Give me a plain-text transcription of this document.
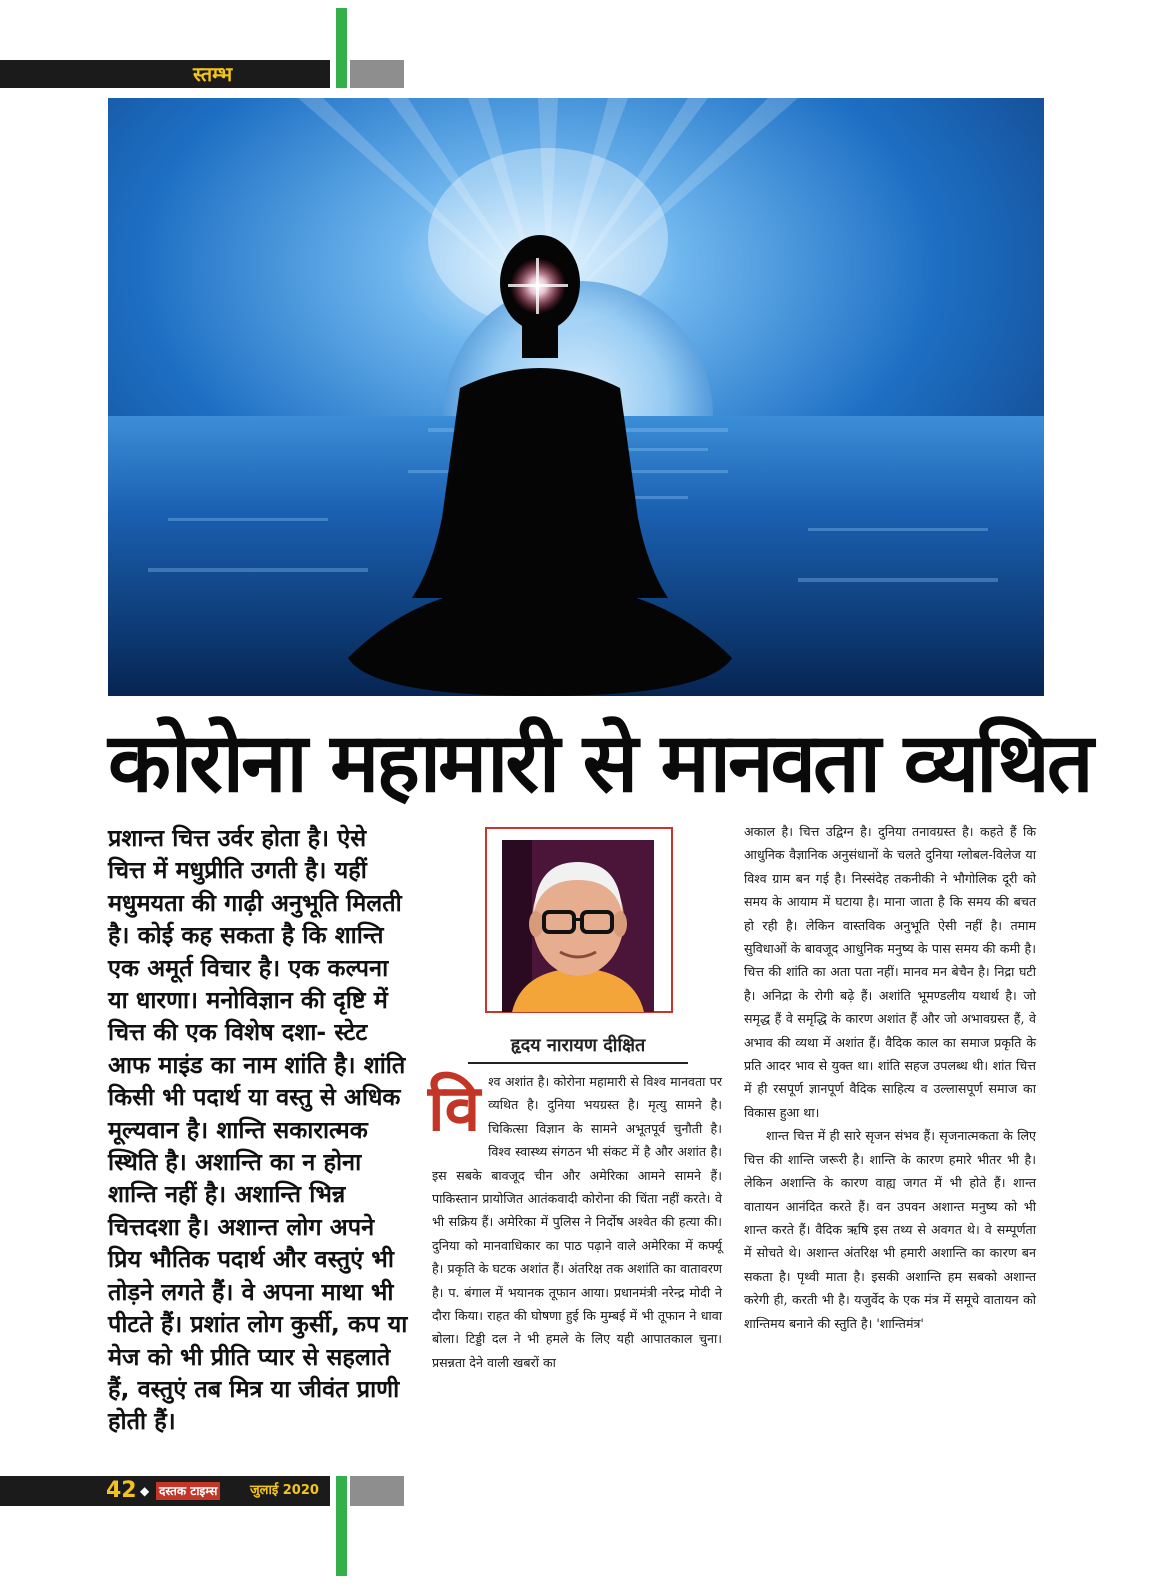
स्तम्भ
कोरोना महामारी से मानवता व्यथित

प्रशान्त चित्त उर्वर होता है। ऐसे चित्त में मधुप्रीति उगती है। यहीं मधुमयता की गाढ़ी अनुभूति मिलती है। कोई कह सकता है कि शान्ति एक अमूर्त विचार है। एक कल्पना या धारणा। मनोविज्ञान की दृष्टि में चित्त की एक विशेष दशा- स्टेट आफ माइंड का नाम शांति है। शांति किसी भी पदार्थ या वस्तु से अधिक मूल्यवान है। शान्ति सकारात्मक स्थिति है। अशान्ति का न होना शान्ति नहीं है। अशान्ति भिन्न चित्तदशा है। अशान्त लोग अपने प्रिय भौतिक पदार्थ और वस्तुएं भी तोड़ने लगते हैं। वे अपना माथा भी पीटते हैं। प्रशांत लोग कुर्सी, कप या मेज को भी प्रीति प्यार से सहलाते हैं, वस्तुएं तब मित्र या जीवंत प्राणी होती हैं।

हृदय नारायण दीक्षित
वि श्व अशांत है। कोरोना महामारी से विश्व मानवता पर व्यथित है। दुनिया भयग्रस्त है। मृत्यु सामने है। चिकित्सा विज्ञान के सामने अभूतपूर्व चुनौती है। विश्व स्वास्थ्य संगठन भी संकट में है और अशांत है। इस सबके बावजूद चीन और अमेरिका आमने सामने हैं। पाकिस्तान प्रायोजित आतंकवादी कोरोना की चिंता नहीं करते। वे भी सक्रिय हैं। अमेरिका में पुलिस ने निर्दोष अश्वेत की हत्या की। दुनिया को मानवाधिकार का पाठ पढ़ाने वाले अमेरिका में कर्फ्यू है। प्रकृति के घटक अशांत हैं। अंतरिक्ष तक अशांति का वातावरण है। प. बंगाल में भयानक तूफान आया। प्रधानमंत्री नरेन्द्र मोदी ने दौरा किया। राहत की घोषणा हुई कि मुम्बई में भी तूफान ने धावा बोला। टिड्डी दल ने भी हमले के लिए यही आपातकाल चुना। प्रसन्नता देने वाली खबरों का

अकाल है। चित्त उद्विग्न है। दुनिया तनावग्रस्त है। कहते हैं कि आधुनिक वैज्ञानिक अनुसंधानों के चलते दुनिया ग्लोबल-विलेज या विश्व ग्राम बन गई है। निस्संदेह तकनीकी ने भौगोलिक दूरी को समय के आयाम में घटाया है। माना जाता है कि समय की बचत हो रही है। लेकिन वास्तविक अनुभूति ऐसी नहीं है। तमाम सुविधाओं के बावजूद आधुनिक मनुष्य के पास समय की कमी है। चित्त की शांति का अता पता नहीं। मानव मन बेचैन है। निद्रा घटी है। अनिद्रा के रोगी बढ़े हैं। अशांति भूमण्डलीय यथार्थ है। जो समृद्ध हैं वे समृद्धि के कारण अशांत हैं और जो अभावग्रस्त हैं, वे अभाव की व्यथा में अशांत हैं। वैदिक काल का समाज प्रकृति के प्रति आदर भाव से युक्त था। शांति सहज उपलब्ध थी। शांत चित्त में ही रसपूर्ण ज्ञानपूर्ण वैदिक साहित्य व उल्लासपूर्ण समाज का विकास हुआ था।

शान्त चित्त में ही सारे सृजन संभव हैं। सृजनात्मकता के लिए चित्त की शान्ति जरूरी है। शान्ति के कारण हमारे भीतर भी है। लेकिन अशान्ति के कारण वाह्य जगत में भी होते हैं। शान्त वातायन आनंदित करते हैं। वन उपवन अशान्त मनुष्य को भी शान्त करते हैं। वैदिक ऋषि इस तथ्य से अवगत थे। वे सम्पूर्णता में सोचते थे। अशान्त अंतरिक्ष भी हमारी अशान्ति का कारण बन सकता है। पृथ्वी माता है। इसकी अशान्ति हम सबको अशान्त करेगी ही, करती भी है। यजुर्वेद के एक मंत्र में समूचे वातायन को शान्तिमय बनाने की स्तुति है। 'शान्तिमंत्र'

42 ◆ दस्तक टाइम्स	जुलाई 2020
